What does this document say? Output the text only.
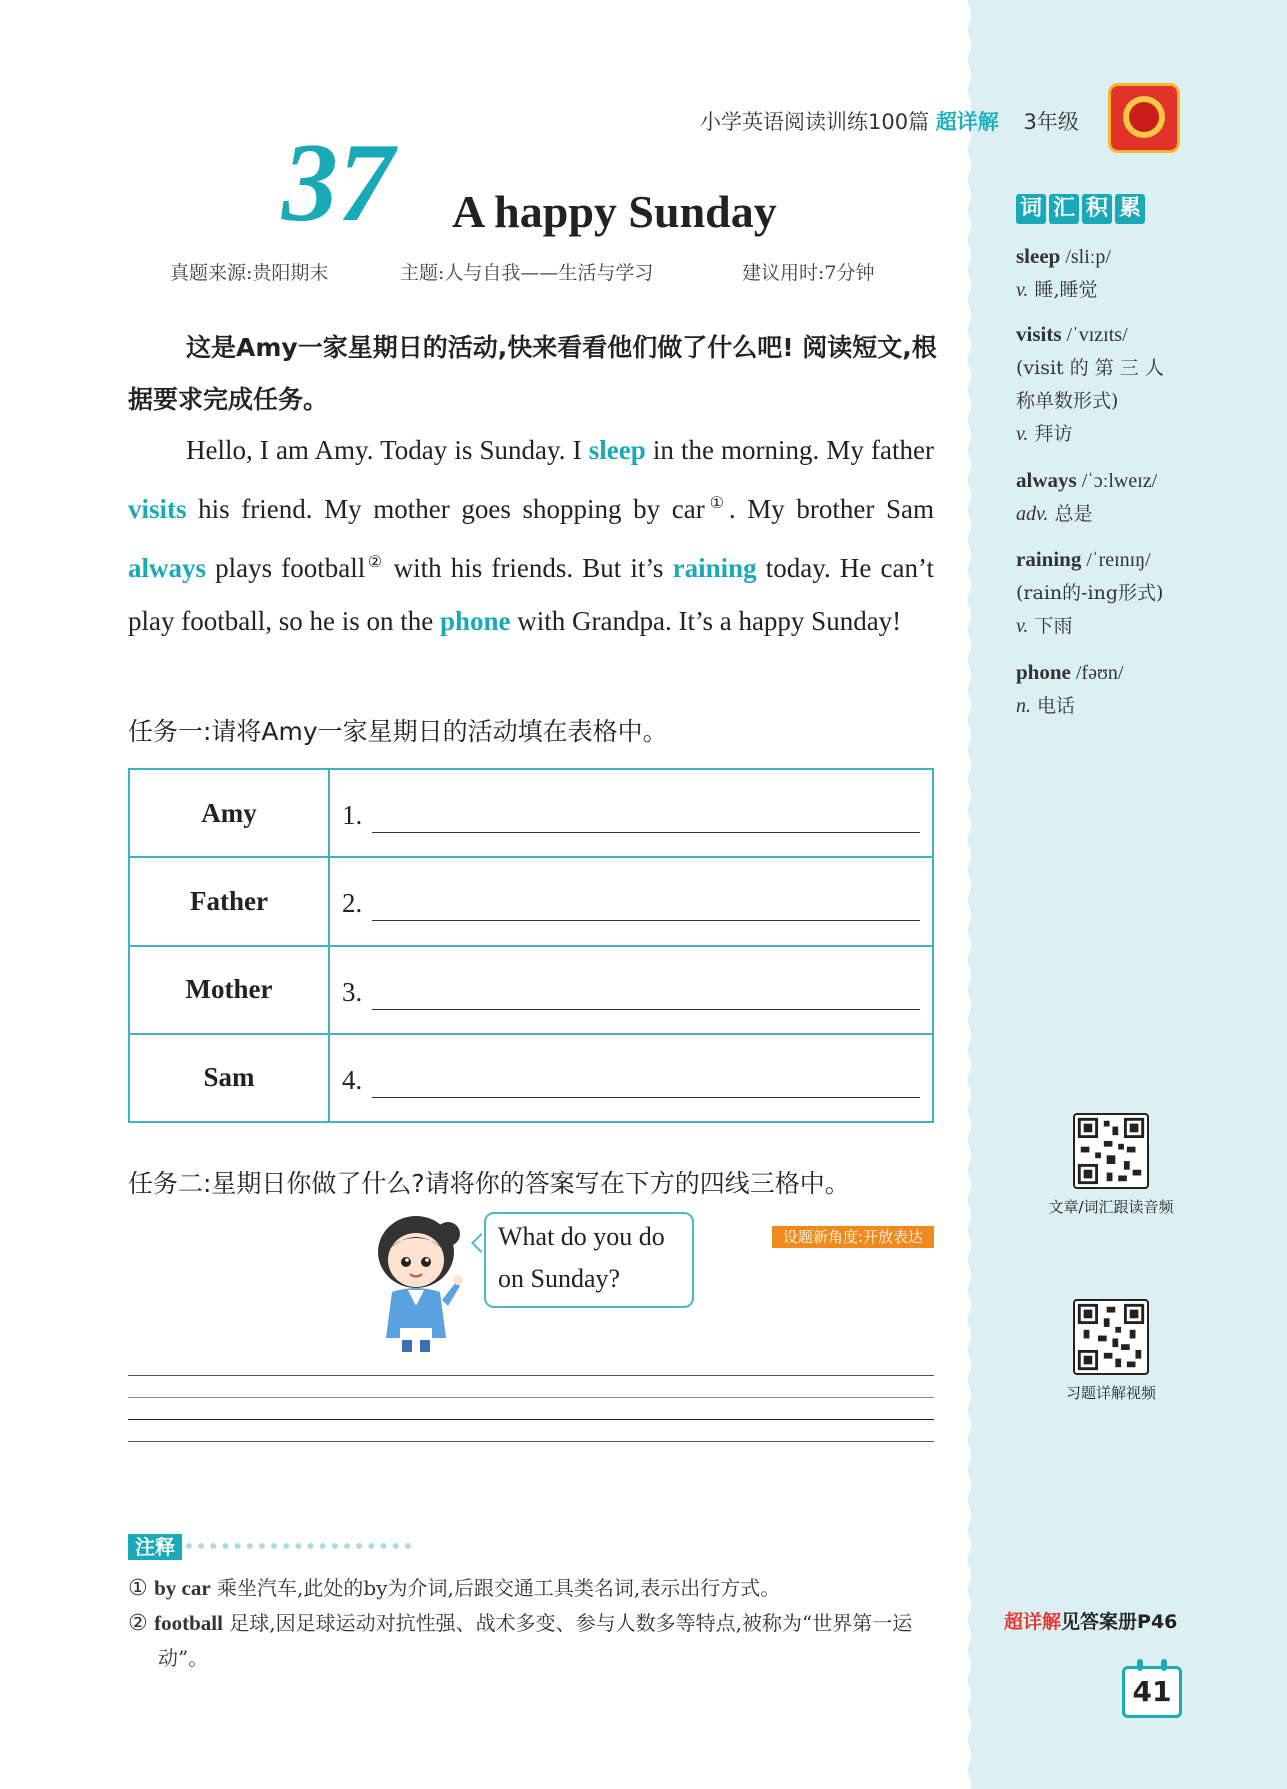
小学英语阅读训练100篇 超详解 3年级
37	A happy Sunday
真题来源:贵阳期末	主题:人与自我——生活与学习	建议用时:7分钟
这是Amy一家星期日的活动,快来看看他们做了什么吧! 阅读短文,根据要求完成任务。
Hello, I am Amy. Today is Sunday. I sleep in the morning. My father visits his friend. My mother goes shopping by car①. My brother Sam always plays football② with his friends. But it’s raining today. He can’t play football, so he is on the phone with Grandpa. It’s a happy Sunday!
任务一:请将Amy一家星期日的活动填在表格中。
Amy	1.

Father	2.

Mother	3.

Sam	4.
任务二:星期日你做了什么?请将你的答案写在下方的四线三格中。
What do you do
on Sunday?
设题新角度:开放表达
注释
① by car 乘坐汽车,此处的by为介词,后跟交通工具类名词,表示出行方式。
② football 足球,因足球运动对抗性强、战术多变、参与人数多等特点,被称为“世界第一运动”。
词 汇 积 累
sleep /sliːp/
v. 睡,睡觉
visits /ˈvɪzɪts/
(visit 的 第 三 人 称单数形式)
v. 拜访
always /ˈɔːlweɪz/
adv. 总是
raining /ˈreɪnɪŋ/
(rain的-ing形式)
v. 下雨
phone /fəʊn/
n. 电话
文章/词汇跟读音频
习题详解视频
超详解见答案册P46
41
